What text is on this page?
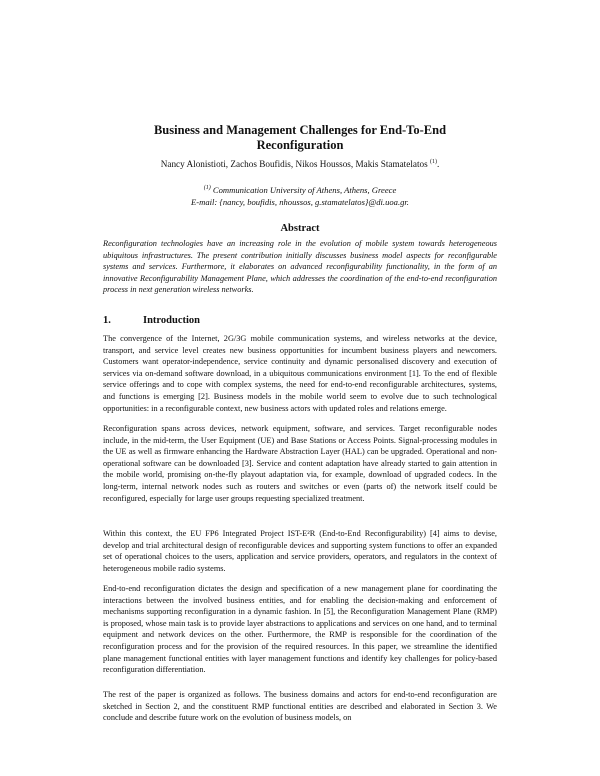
Business and Management Challenges for End-To-End
Reconfiguration
Nancy Alonistioti, Zachos Boufidis, Nikos Houssos, Makis Stamatelatos $^{(1)}$.
$^{(1)}$ Communication University of Athens, Athens, Greece
E-mail: {nancy, boufidis, nhoussos, g.stamatelatos}@di.uoa.gr.
Abstract

Reconfiguration technologies have an increasing role in the evolution of mobile system towards heterogeneous ubiquitous infrastructures. The present contribution initially discusses business model aspects for reconfigurable systems and services. Furthermore, it elaborates on advanced reconfigurability functionality, in the form of an innovative Reconfigurability Management Plane, which addresses the coordination of the end-to-end reconfiguration process in next generation wireless networks.

1.	Introduction

The convergence of the Internet, 2G/3G mobile communication systems, and wireless networks at the device, transport, and service level creates new business opportunities for incumbent business players and newcomers. Customers want operator-independence, service continuity and dynamic personalised discovery and execution of services via on-demand software download, in a ubiquitous communications environment [1]. To the end of flexible service offerings and to cope with complex systems, the need for end-to-end reconfigurable architectures, systems, and functions is emerging [2]. Business models in the mobile world seem to evolve due to such technological opportunities: in a reconfigurable context, new business actors with updated roles and relations emerge.

Reconfiguration spans across devices, network equipment, software, and services. Target reconfigurable nodes include, in the mid-term, the User Equipment (UE) and Base Stations or Access Points. Signal-processing modules in the UE as well as firmware enhancing the Hardware Abstraction Layer (HAL) can be upgraded. Operational and non-operational software can be downloaded [3]. Service and content adaptation have already started to gain attention in the mobile world, promising on-the-fly playout adaptation via, for example, download of upgraded codecs. In the long-term, internal network nodes such as routers and switches or even (parts of) the network itself could be reconfigured, especially for large user groups requesting specialized treatment.

Within this context, the EU FP6 Integrated Project IST-E²R (End-to-End Reconfigurability) [4] aims to devise, develop and trial architectural design of reconfigurable devices and supporting system functions to offer an expanded set of operational choices to the users, application and service providers, operators, and regulators in the context of heterogeneous mobile radio systems.

End-to-end reconfiguration dictates the design and specification of a new management plane for coordinating the interactions between the involved business entities, and for enabling the decision-making and enforcement of mechanisms supporting reconfiguration in a dynamic fashion. In [5], the Reconfiguration Management Plane (RMP) is proposed, whose main task is to provide layer abstractions to applications and services on one hand, and to terminal equipment and network devices on the other. Furthermore, the RMP is responsible for the coordination of the reconfiguration process and for the provision of the required resources. In this paper, we streamline the identified plane management functional entities with layer management functions and identify key challenges for policy-based reconfiguration differentiation.

The rest of the paper is organized as follows. The business domains and actors for end-to-end reconfiguration are sketched in Section 2, and the constituent RMP functional entities are described and elaborated in Section 3. We conclude and describe future work on the evolution of business models, on
